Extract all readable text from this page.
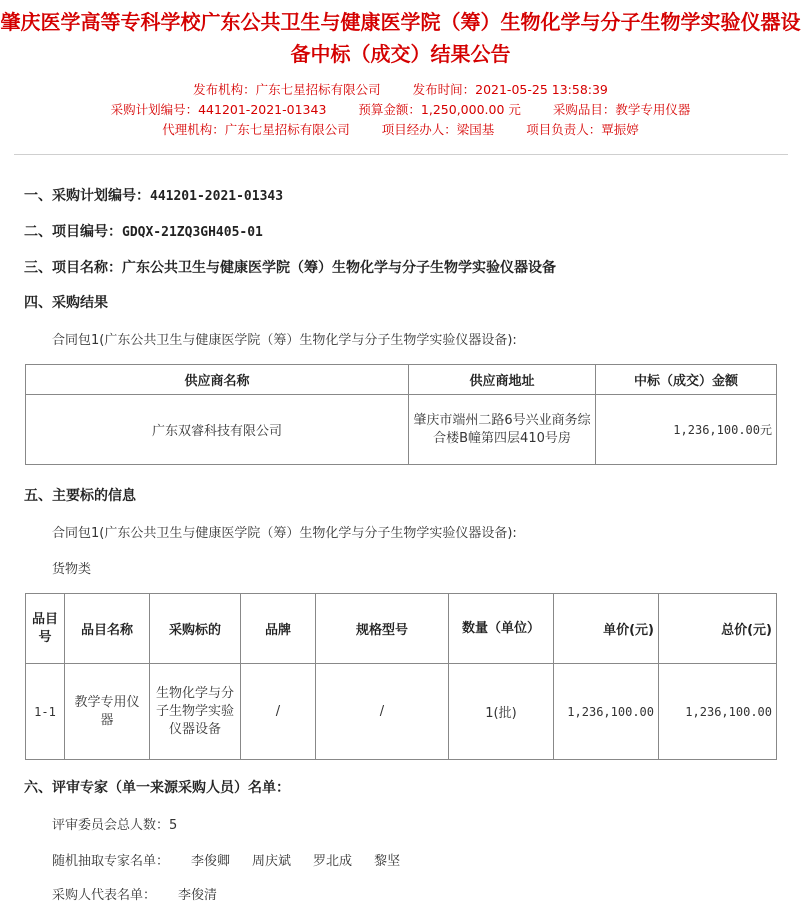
肇庆医学高等专科学校广东公共卫生与健康医学院（筹）生物化学与分子生物学实验仪器设备中标（成交）结果公告
发布机构：广东七星招标有限公司	发布时间：2021-05-25 13:58:39
采购计划编号：441201-2021-01343	预算金额：1,250,000.00 元	采购品目：教学专用仪器
代理机构：广东七星招标有限公司	项目经办人：梁国基	项目负责人：覃振婷
一、采购计划编号：441201-2021-01343
二、项目编号：GDQX-21ZQ3GH405-01
三、项目名称：广东公共卫生与健康医学院（筹）生物化学与分子生物学实验仪器设备
四、采购结果
合同包1(广东公共卫生与健康医学院（筹）生物化学与分子生物学实验仪器设备):
供应商名称	供应商地址	中标（成交）金额
广东双睿科技有限公司	肇庆市端州二路6号兴业商务综合楼B幢第四层410号房	1,236,100.00元
五、主要标的信息
合同包1(广东公共卫生与健康医学院（筹）生物化学与分子生物学实验仪器设备):
货物类
品目号	品目名称	采购标的	品牌	规格型号	数量（单位）	单价(元)	总价(元)
1-1	教学专用仪器	生物化学与分子生物学实验仪器设备	/	/	1(批)	1,236,100.00	1,236,100.00
六、评审专家（单一来源采购人员）名单：
评审委员会总人数：5
随机抽取专家名单： 李俊卿 周庆斌 罗北成 黎坚
采购人代表名单： 李俊清
